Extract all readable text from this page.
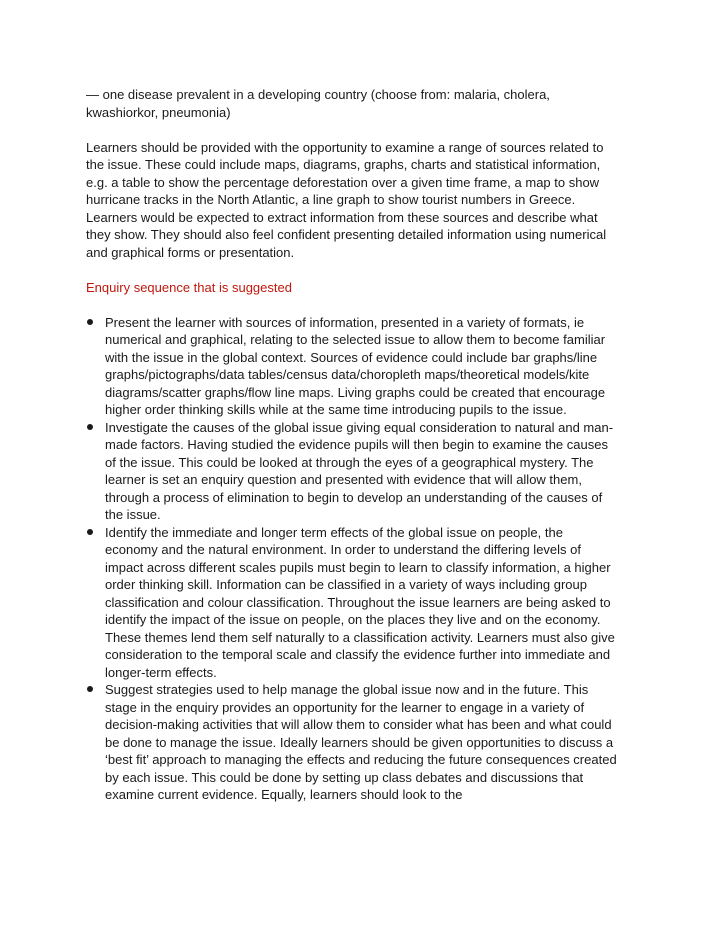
— one disease prevalent in a developing country (choose from: malaria, cholera, kwashiorkor, pneumonia)

Learners should be provided with the opportunity to examine a range of sources related to the issue. These could include maps, diagrams, graphs, charts and statistical information, e.g. a table to show the percentage deforestation over a given time frame, a map to show hurricane tracks in the North Atlantic, a line graph to show tourist numbers in Greece.

Learners would be expected to extract information from these sources and describe what they show. They should also feel confident presenting detailed information using numerical and graphical forms or presentation.

Enquiry sequence that is suggested

Present the learner with sources of information, presented in a variety of formats, ie numerical and graphical, relating to the selected issue to allow them to become familiar with the issue in the global context. Sources of evidence could include bar graphs/line graphs/pictographs/data tables/census data/choropleth maps/theoretical models/kite diagrams/scatter graphs/flow line maps. Living graphs could be created that encourage higher order thinking skills while at the same time introducing pupils to the issue.
Investigate the causes of the global issue giving equal consideration to natural and man-made factors. Having studied the evidence pupils will then begin to examine the causes of the issue. This could be looked at through the eyes of a geographical mystery. The learner is set an enquiry question and presented with evidence that will allow them, through a process of elimination to begin to develop an understanding of the causes of the issue.
Identify the immediate and longer term effects of the global issue on people, the economy and the natural environment. In order to understand the differing levels of impact across different scales pupils must begin to learn to classify information, a higher order thinking skill. Information can be classified in a variety of ways including group classification and colour classification. Throughout the issue learners are being asked to identify the impact of the issue on people, on the places they live and on the economy. These themes lend them self naturally to a classification activity. Learners must also give consideration to the temporal scale and classify the evidence further into immediate and longer-term effects.
Suggest strategies used to help manage the global issue now and in the future. This stage in the enquiry provides an opportunity for the learner to engage in a variety of decision-making activities that will allow them to consider what has been and what could be done to manage the issue. Ideally learners should be given opportunities to discuss a ‘best fit’ approach to managing the effects and reducing the future consequences created by each issue. This could be done by setting up class debates and discussions that examine current evidence. Equally, learners should look to the
